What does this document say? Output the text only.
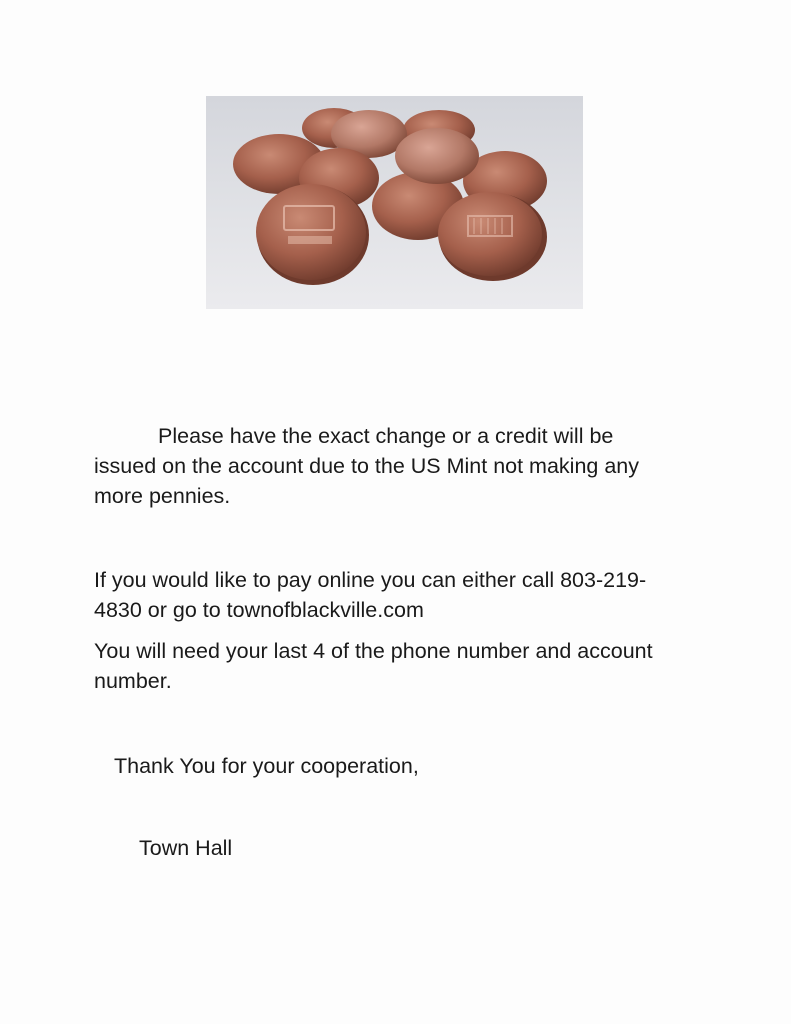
Please have the exact change or a credit will be
issued on the account due to the US Mint not making any
more pennies.

If you would like to pay online you can either call 803-219-
4830 or go to townofblackville.com

You will need your last 4 of the phone number and account
number.

Thank You for your cooperation,

Town Hall
